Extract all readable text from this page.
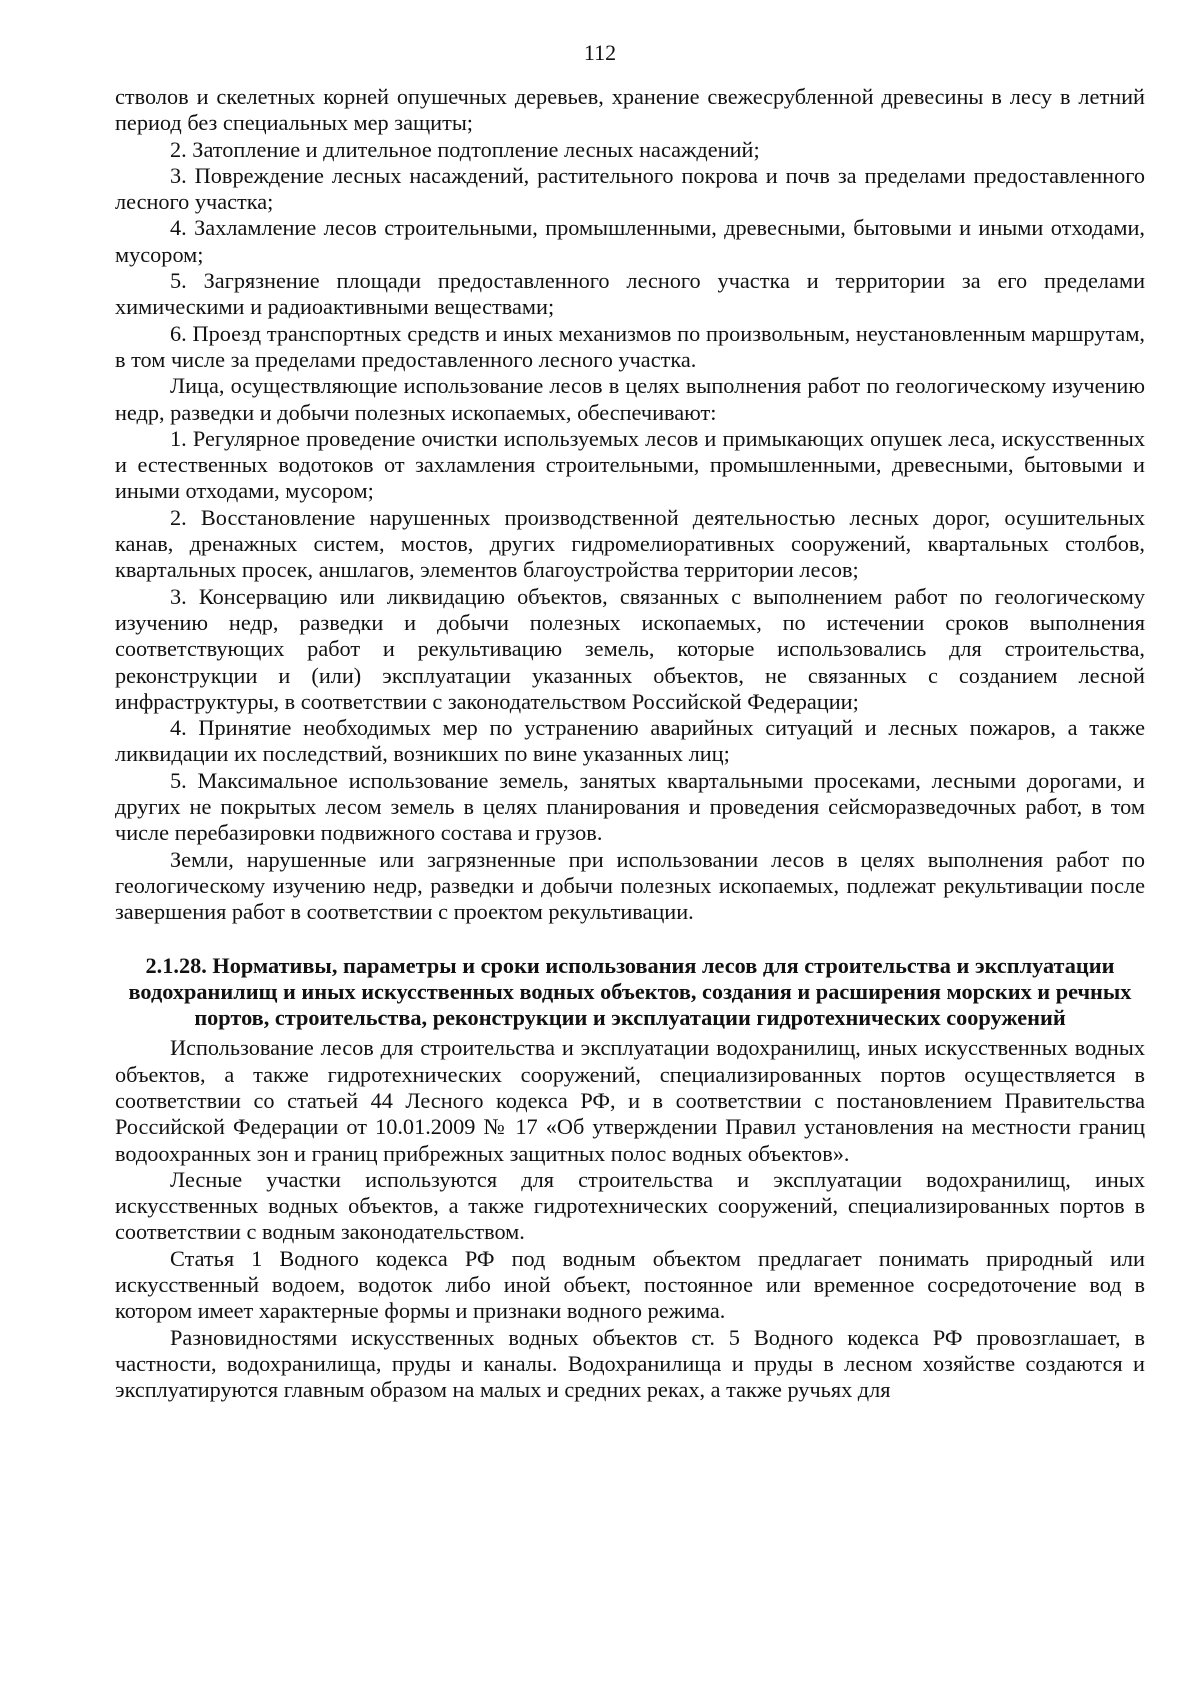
112

стволов и скелетных корней опушечных деревьев, хранение свежесрубленной древесины в лесу в летний период без специальных мер защиты;

2. Затопление и длительное подтопление лесных насаждений;

3. Повреждение лесных насаждений, растительного покрова и почв за пределами предоставленного лесного участка;

4. Захламление лесов строительными, промышленными, древесными, бытовыми и иными отходами, мусором;

5. Загрязнение площади предоставленного лесного участка и территории за его пределами химическими и радиоактивными веществами;

6. Проезд транспортных средств и иных механизмов по произвольным, неустановленным маршрутам, в том числе за пределами предоставленного лесного участка.

Лица, осуществляющие использование лесов в целях выполнения работ по геологическому изучению недр, разведки и добычи полезных ископаемых, обеспечивают:

1. Регулярное проведение очистки используемых лесов и примыкающих опушек леса, искусственных и естественных водотоков от захламления строительными, промышленными, древесными, бытовыми и иными отходами, мусором;

2. Восстановление нарушенных производственной деятельностью лесных дорог, осушительных канав, дренажных систем, мостов, других гидромелиоративных сооружений, квартальных столбов, квартальных просек, аншлагов, элементов благоустройства территории лесов;

3. Консервацию или ликвидацию объектов, связанных с выполнением работ по геологическому изучению недр, разведки и добычи полезных ископаемых, по истечении сроков выполнения соответствующих работ и рекультивацию земель, которые использовались для строительства, реконструкции и (или) эксплуатации указанных объектов, не связанных с созданием лесной инфраструктуры, в соответствии с законодательством Российской Федерации;

4. Принятие необходимых мер по устранению аварийных ситуаций и лесных пожаров, а также ликвидации их последствий, возникших по вине указанных лиц;

5. Максимальное использование земель, занятых квартальными просеками, лесными дорогами, и других не покрытых лесом земель в целях планирования и проведения сейсморазведочных работ, в том числе перебазировки подвижного состава и грузов.

Земли, нарушенные или загрязненные при использовании лесов в целях выполнения работ по геологическому изучению недр, разведки и добычи полезных ископаемых, подлежат рекультивации после завершения работ в соответствии с проектом рекультивации.

2.1.28. Нормативы, параметры и сроки использования лесов для строительства и эксплуатации водохранилищ и иных искусственных водных объектов, создания и расширения морских и речных портов, строительства, реконструкции и эксплуатации гидротехнических сооружений

Использование лесов для строительства и эксплуатации водохранилищ, иных искусственных водных объектов, а также гидротехнических сооружений, специализированных портов осуществляется в соответствии со статьей 44 Лесного кодекса РФ, и в соответствии с постановлением Правительства Российской Федерации от 10.01.2009 № 17 «Об утверждении Правил установления на местности границ водоохранных зон и границ прибрежных защитных полос водных объектов».

Лесные участки используются для строительства и эксплуатации водохранилищ, иных искусственных водных объектов, а также гидротехнических сооружений, специализированных портов в соответствии с водным законодательством.

Статья 1 Водного кодекса РФ под водным объектом предлагает понимать природный или искусственный водоем, водоток либо иной объект, постоянное или временное сосредоточение вод в котором имеет характерные формы и признаки водного режима.

Разновидностями искусственных водных объектов ст. 5 Водного кодекса РФ провозглашает, в частности, водохранилища, пруды и каналы. Водохранилища и пруды в лесном хозяйстве создаются и эксплуатируются главным образом на малых и средних реках, а также ручьях для
